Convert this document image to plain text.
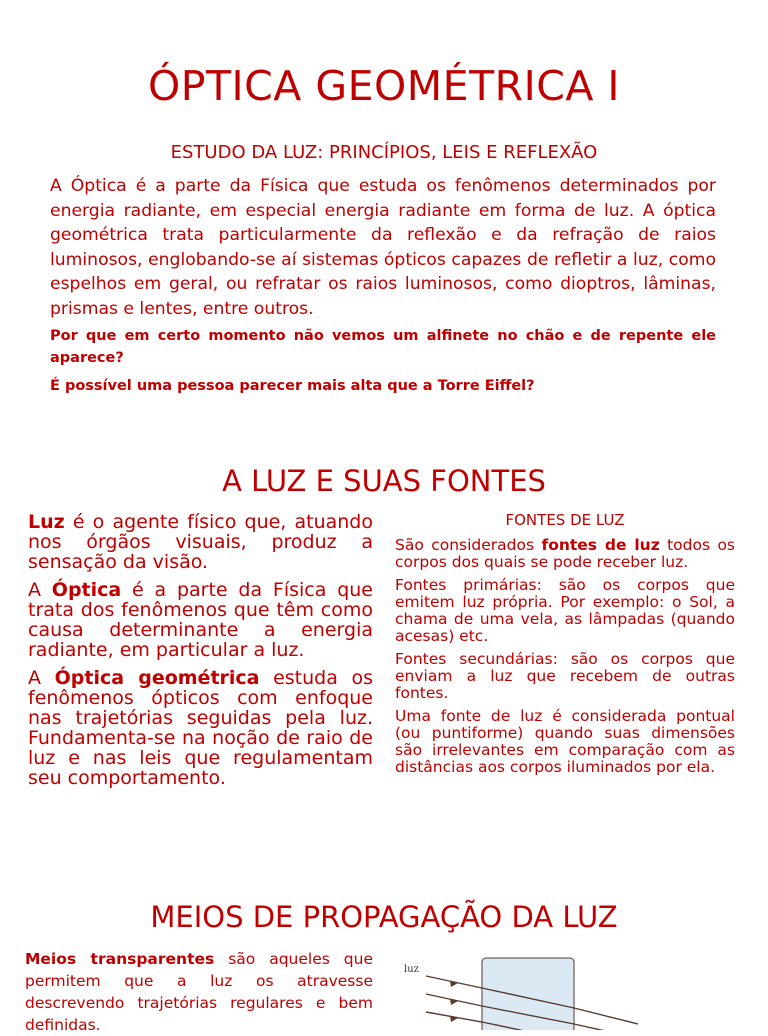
ÓPTICA GEOMÉTRICA I
ESTUDO DA LUZ: PRINCÍPIOS, LEIS E REFLEXÃO
A Óptica é a parte da Física que estuda os fenômenos determinados por energia radiante, em especial energia radiante em forma de luz. A óptica geométrica trata particularmente da reflexão e da refração de raios luminosos, englobando-se aí sistemas ópticos capazes de refletir a luz, como espelhos em geral, ou refratar os raios luminosos, como dioptros, lâminas, prismas e lentes, entre outros.
Por que em certo momento não vemos um alfinete no chão e de repente ele aparece?
É possível uma pessoa parecer mais alta que a Torre Eiffel?
A LUZ E SUAS FONTES

Luz é o agente físico que, atuando nos órgãos visuais, produz a sensação da visão.

A Óptica é a parte da Física que trata dos fenômenos que têm como causa determinante a energia radiante, em particular a luz.

A Óptica geométrica estuda os fenômenos ópticos com enfoque nas trajetórias seguidas pela luz. Fundamenta-se na noção de raio de luz e nas leis que regulamentam seu comportamento.

FONTES DE LUZ

São considerados fontes de luz todos os corpos dos quais se pode receber luz.

Fontes primárias: são os corpos que emitem luz própria. Por exemplo: o Sol, a chama de uma vela, as lâmpadas (quando acesas) etc.

Fontes secundárias: são os corpos que enviam a luz que recebem de outras fontes.

Uma fonte de luz é considerada pontual (ou puntiforme) quando suas dimensões são irrelevantes em comparação com as distâncias aos corpos iluminados por ela.

MEIOS DE PROPAGAÇÃO DA LUZ
Meios transparentes são aqueles que permitem que a luz os atravesse descrevendo trajetórias regulares e bem definidas.
luz
